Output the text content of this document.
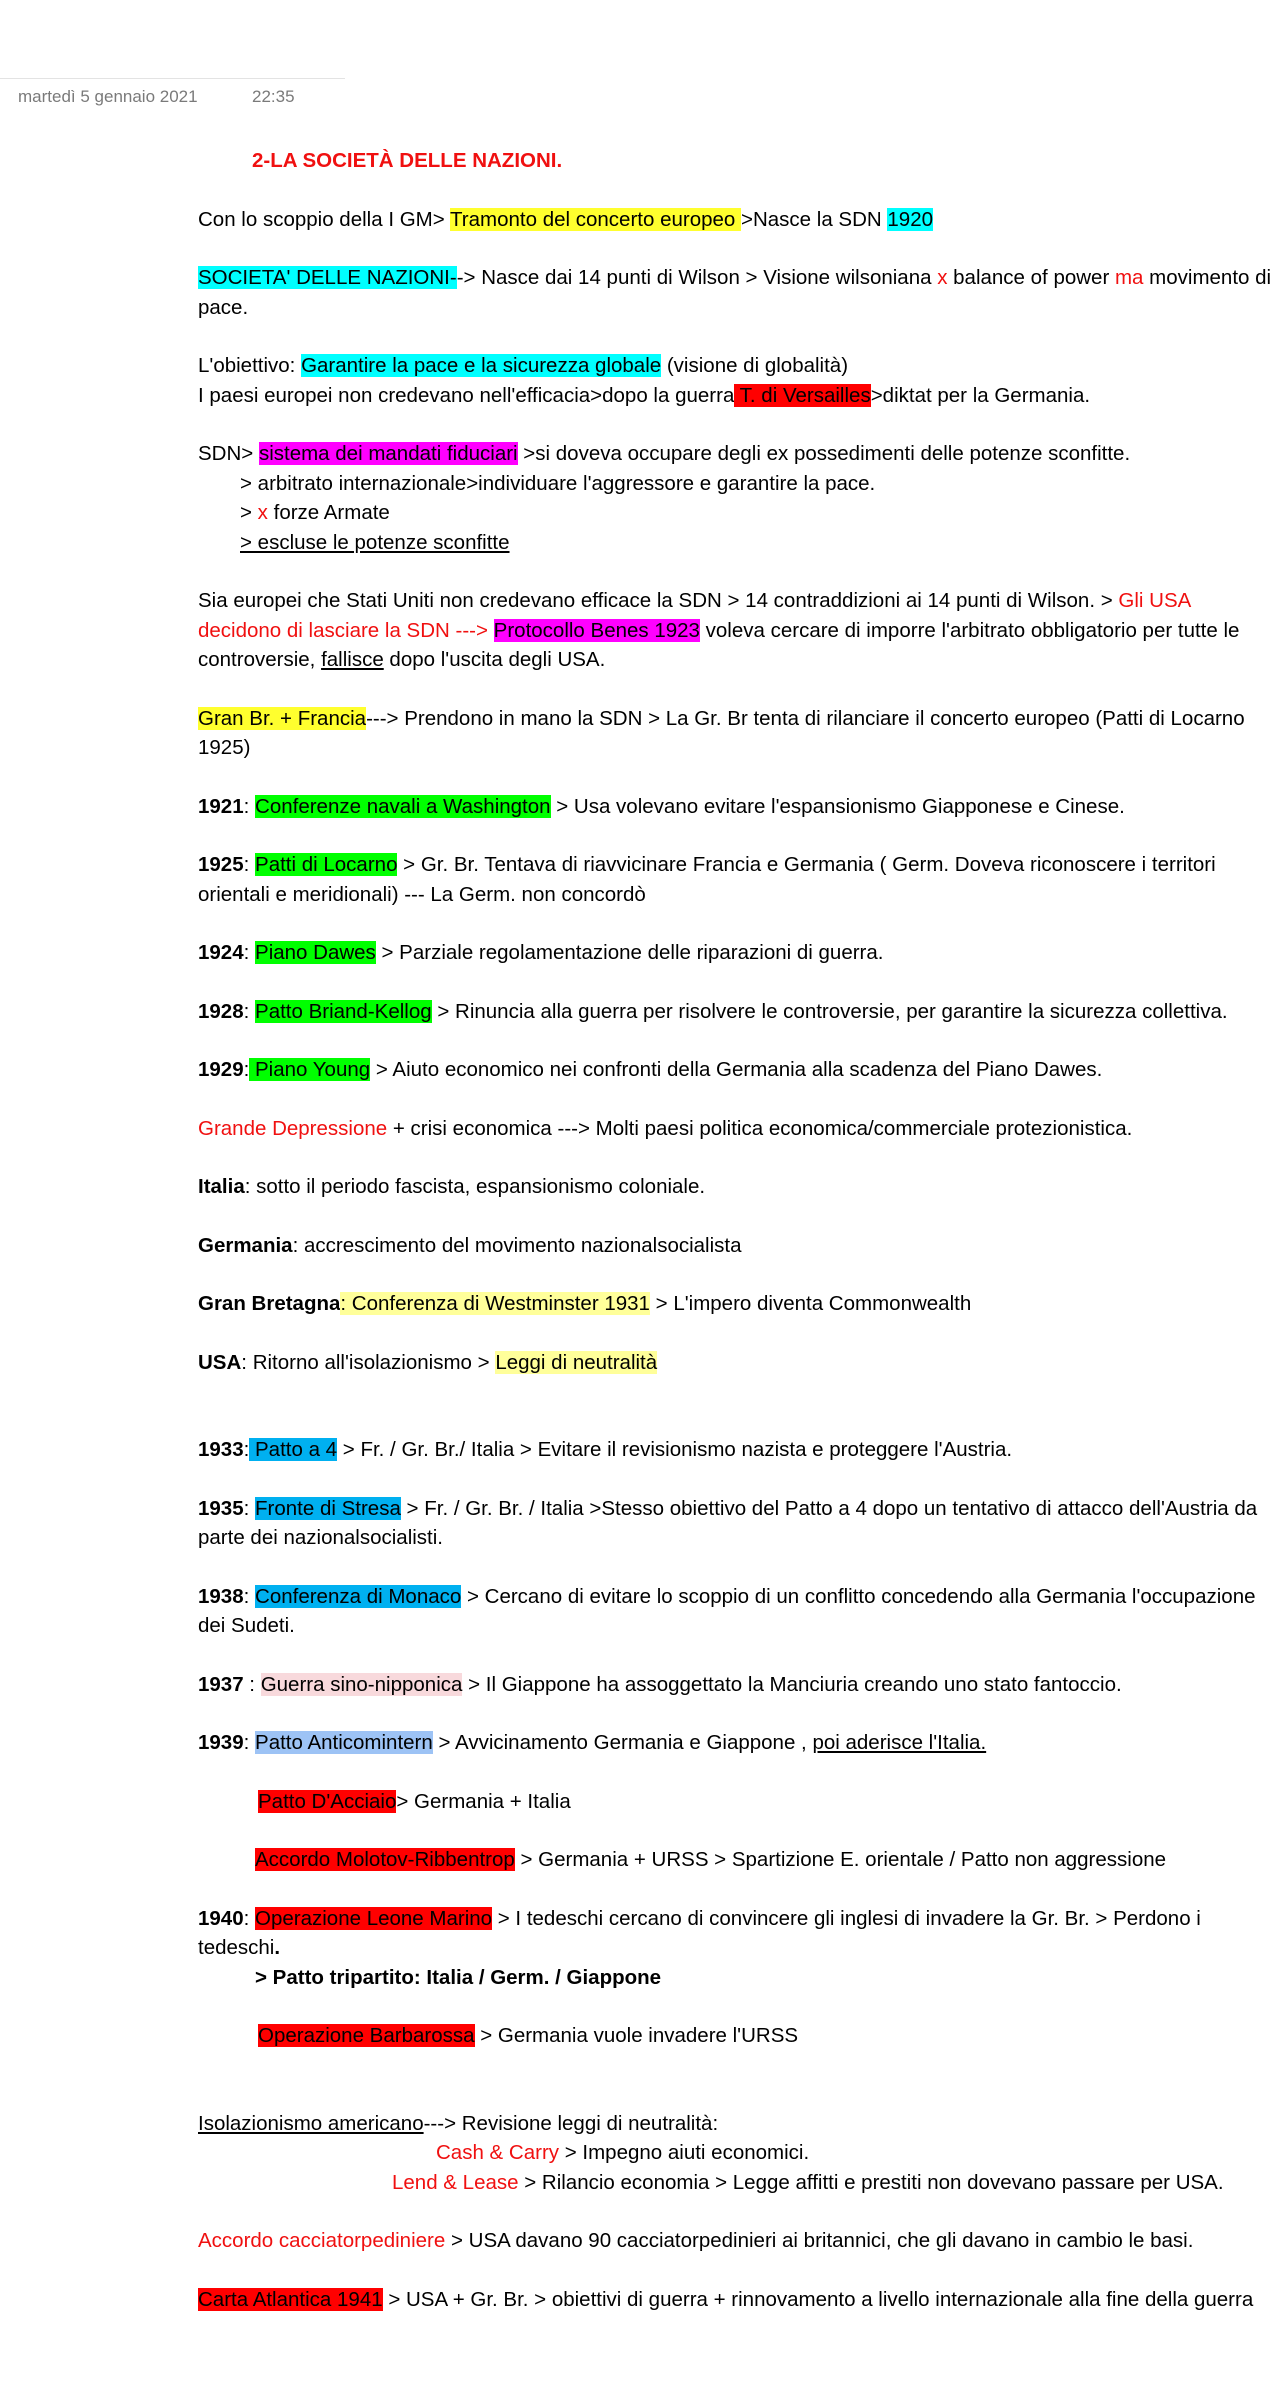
martedì 5 gennaio 2021	22:35

2-LA SOCIETÀ DELLE NAZIONI.

Con lo scoppio della I GM> Tramonto del concerto europeo >Nasce la SDN 1920

SOCIETA' DELLE NAZIONI--> Nasce dai 14 punti di Wilson > Visione wilsoniana x balance of power ma movimento di pace.

L'obiettivo: Garantire la pace e la sicurezza globale (visione di globalità)

I paesi europei non credevano nell'efficacia>dopo la guerra T. di Versailles>diktat per la Germania.

SDN> sistema dei mandati fiduciari >si doveva occupare degli ex possedimenti delle potenze sconfitte.

> arbitrato internazionale>individuare l'aggressore e garantire la pace.

> x forze Armate

> escluse le potenze sconfitte

Sia europei che Stati Uniti non credevano efficace la SDN > 14 contraddizioni ai 14 punti di Wilson. > Gli USA decidono di lasciare la SDN ---> Protocollo Benes 1923 voleva cercare di imporre l'arbitrato obbligatorio per tutte le controversie, fallisce dopo l'uscita degli USA.

Gran Br. + Francia---> Prendono in mano la SDN > La Gr. Br tenta di rilanciare il concerto europeo (Patti di Locarno 1925)

1921: Conferenze navali a Washington > Usa volevano evitare l'espansionismo Giapponese e Cinese.

1925: Patti di Locarno > Gr. Br. Tentava di riavvicinare Francia e Germania ( Germ. Doveva riconoscere i territori orientali e meridionali) --- La Germ. non concordò

1924: Piano Dawes > Parziale regolamentazione delle riparazioni di guerra.

1928: Patto Briand-Kellog > Rinuncia alla guerra per risolvere le controversie, per garantire la sicurezza collettiva.

1929: Piano Young > Aiuto economico nei confronti della Germania alla scadenza del Piano Dawes.

Grande Depressione + crisi economica ---> Molti paesi politica economica/commerciale protezionistica.

Italia: sotto il periodo fascista, espansionismo coloniale.

Germania: accrescimento del movimento nazionalsocialista

Gran Bretagna: Conferenza di Westminster 1931 > L'impero diventa Commonwealth

USA: Ritorno all'isolazionismo > Leggi di neutralità

1933: Patto a 4 > Fr. / Gr. Br./ Italia > Evitare il revisionismo nazista e proteggere l'Austria.

1935: Fronte di Stresa > Fr. / Gr. Br. / Italia >Stesso obiettivo del Patto a 4 dopo un tentativo di attacco dell'Austria da parte dei nazionalsocialisti.

1938: Conferenza di Monaco > Cercano di evitare lo scoppio di un conflitto concedendo alla Germania l'occupazione dei Sudeti.

1937 : Guerra sino-nipponica > Il Giappone ha assoggettato la Manciuria creando uno stato fantoccio.

1939: Patto Anticomintern > Avvicinamento Germania e Giappone , poi aderisce l'Italia.

Patto D'Acciaio> Germania + Italia

Accordo Molotov-Ribbentrop > Germania + URSS > Spartizione E. orientale / Patto non aggressione

1940: Operazione Leone Marino > I tedeschi cercano di convincere gli inglesi di invadere la Gr. Br. > Perdono i tedeschi.

> Patto tripartito: Italia / Germ. / Giappone

Operazione Barbarossa > Germania vuole invadere l'URSS

Isolazionismo americano---> Revisione leggi di neutralità:

Cash & Carry > Impegno aiuti economici.

Lend & Lease > Rilancio economia > Legge affitti e prestiti non dovevano passare per USA.

Accordo cacciatorpediniere > USA davano 90 cacciatorpedinieri ai britannici, che gli davano in cambio le basi.

Carta Atlantica 1941 > USA + Gr. Br. > obiettivi di guerra + rinnovamento a livello internazionale alla fine della guerra
